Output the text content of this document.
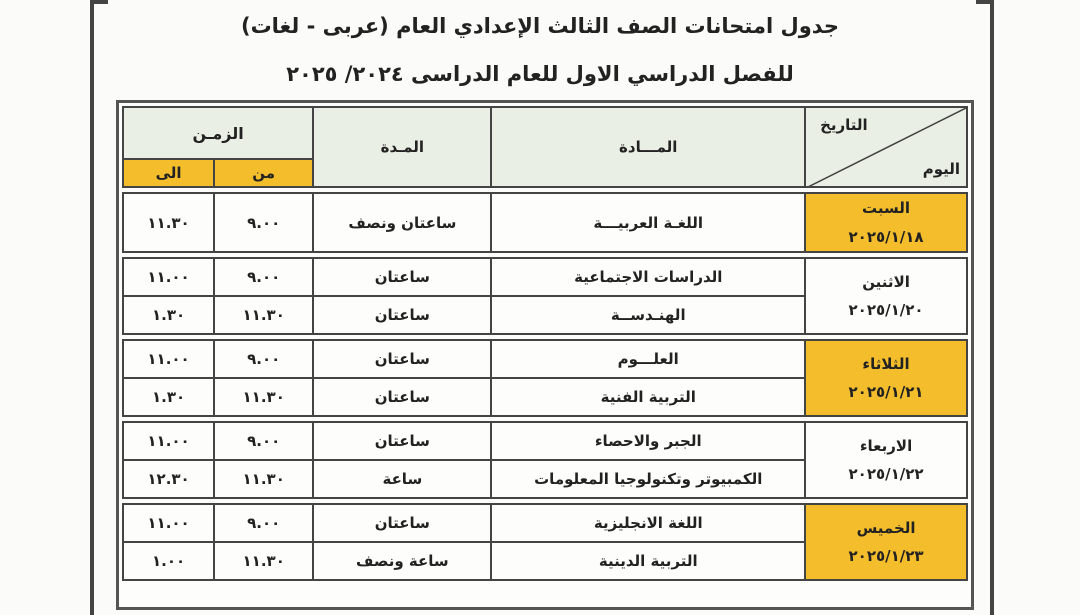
جدول امتحانات الصف الثالث الإعدادي العام (عربى - لغات)
للفصل الدراسي الاول للعام الدراسى ٢٠٢٤/ ٢٠٢٥
التاريخ
اليوم	المـــادة	المـدة	الزمـن	
			من	الى

السبت
٢٠٢٥/١/١٨	اللغـة العربيـــة	ساعتان ونصف	٩.٠٠	١١.٣٠

الاثنين
٢٠٢٥/١/٢٠	الدراسات الاجتماعية	ساعتان	٩.٠٠	١١.٠٠
	الهنـدســة	ساعتان	١١.٣٠	١.٣٠

الثلاثاء
٢٠٢٥/١/٢١	العلـــوم	ساعتان	٩.٠٠	١١.٠٠
	التربية الفنية	ساعتان	١١.٣٠	١.٣٠

الاربعاء
٢٠٢٥/١/٢٢	الجبر والاحصاء	ساعتان	٩.٠٠	١١.٠٠
	الكمبيوتر وتكنولوجيا المعلومات	ساعة	١١.٣٠	١٢.٣٠

الخميس
٢٠٢٥/١/٢٣	اللغة الانجليزية	ساعتان	٩.٠٠	١١.٠٠
	التربية الدينية	ساعة ونصف	١١.٣٠	١.٠٠
